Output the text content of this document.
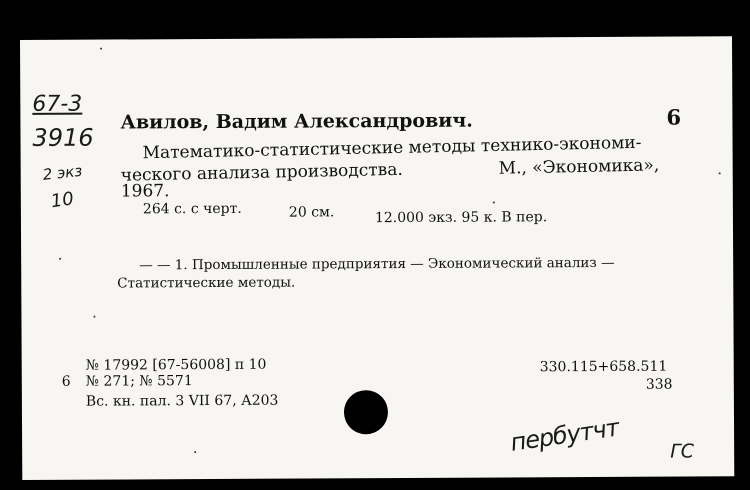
67-3
3916
2 экз
10
6
Авилов, Вадим Александрович.
Математико-статистические методы технико-экономи-
ческого анализа производства.	М., «Экономика»,
1967.
264 с. с черт.	20 см.	12.000 экз. 95 к. В пер.
— — 1. Промышленные предприятия — Экономический анализ —
Статистические методы.
№ 17992 [67-56008] п 10
6 № 271; № 5571
Вс. кн. пал. 3 VII 67, А203
330.115+658.511
338
пербутчт	ГС
